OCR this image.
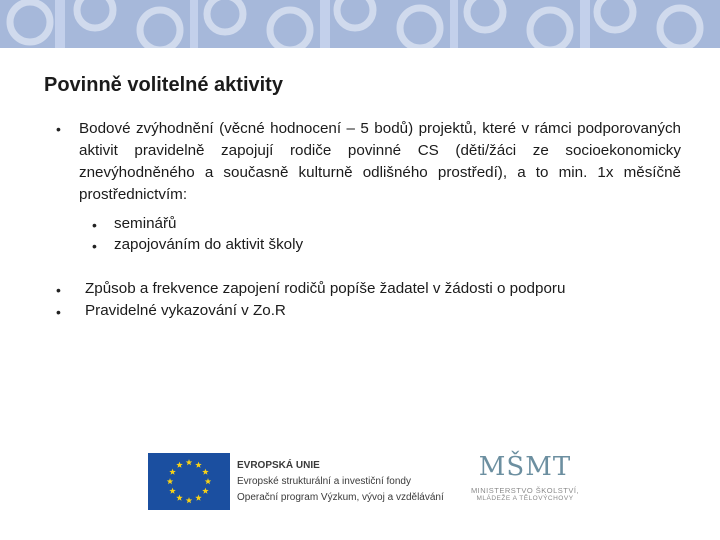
Povinně volitelné aktivity
• Bodové zvýhodnění (věcné hodnocení – 5 bodů) projektů, které v rámci podporovaných aktivit pravidelně zapojují rodiče povinné CS (děti/žáci ze socioekonomicky znevýhodněného a současně kulturně odlišného prostředí), a to min. 1x měsíčně prostřednictvím:
• seminářů
• zapojováním do aktivit školy
• Způsob a frekvence zapojení rodičů popíše žadatel v žádosti o podporu
• Pravidelné vykazování v Zo.R
EVROPSKÁ UNIE
Evropské strukturální a investiční fondy
Operační program Výzkum, vývoj a vzdělávání
MŠMT
MINISTERSTVO ŠKOLSTVÍ,
MLÁDEŽE A TĚLOVÝCHOVY
